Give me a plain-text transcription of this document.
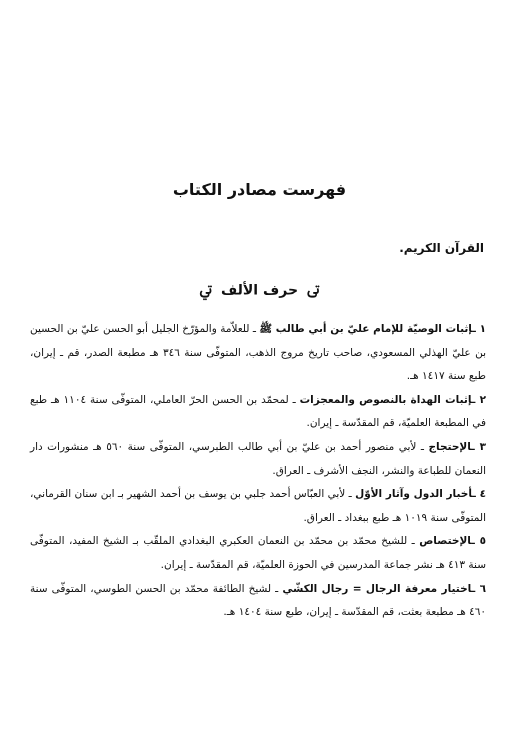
فهرست مصادر الكتاب
القرآن الكريم.
ﰏ حرف الألف ﰐ
١ ـإثبات الوصيّة للإمام عليّ بن أبي طالب ﷺ ـ للعلاّمة والمؤرّخ الجليل أبو الحسن عليّ بن الحسين بن عليّ الهذلي المسعودي، صاحب تاريخ مروج الذهب، المتوفّى سنة ٣٤٦ هـ مطبعة الصدر، قم ـ إيران، طبع سنة ١٤١٧ هـ.
٢ ـإثبات الهداة بالنصوص والمعجزات ـ لمحمّد بن الحسن الحرّ العاملي، المتوفّى سنة ١١٠٤ هـ طبع في المطبعة العلميّة، قم المقدّسة ـ إيران.
٣ ـالإحتجاج ـ لأبي منصور أحمد بن عليّ بن أبي طالب الطبرسي، المتوفّى سنة ٥٦٠ هـ منشورات دار النعمان للطباعة والنشر، النجف الأشرف ـ العراق.
٤ ـأخبار الدول وآثار الأوّل ـ لأبي العبّاس أحمد جلبي بن يوسف بن أحمد الشهير بـ ابن سنان القرماني، المتوفّى سنة ١٠١٩ هـ طبع ببغداد ـ العراق.
٥ ـالإختصاص ـ للشيخ محمّد بن محمّد بن النعمان العكبري البغدادي الملقّب بـ الشيخ المفيد، المتوفّى سنة ٤١٣ هـ نشر جماعة المدرسين في الحوزة العلميّة، قم المقدّسة ـ إيران.
٦ ـاختيار معرفة الرجال = رجال الكشّي ـ لشيخ الطائفة محمّد بن الحسن الطوسي، المتوفّى سنة ٤٦٠ هـ مطبعة بعثت، قم المقدّسة ـ إيران، طبع سنة ١٤٠٤ هـ.
